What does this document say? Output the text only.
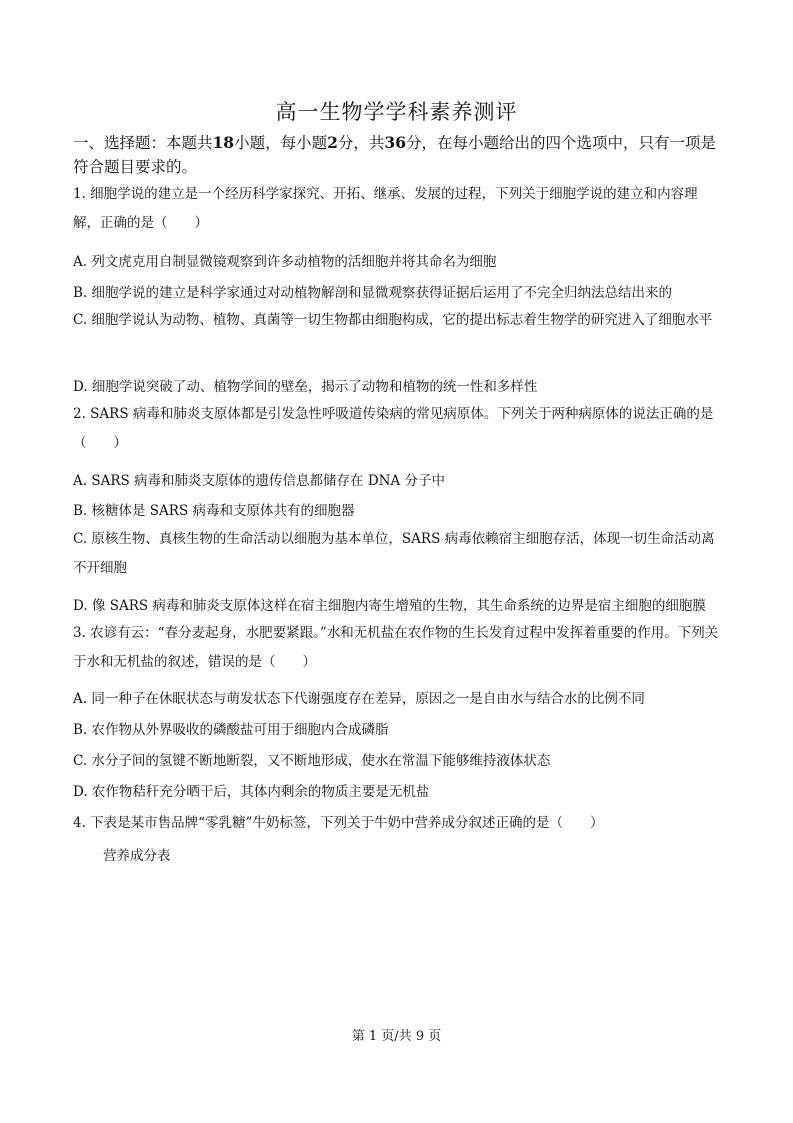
高一生物学学科素养测评
一、选择题：本题共18小题，每小题2分，共36分，在每小题给出的四个选项中，只有一项是符合题目要求的。
1. 细胞学说的建立是一个经历科学家探究、开拓、继承、发展的过程，下列关于细胞学说的建立和内容理解，正确的是（　　）
A. 列文虎克用自制显微镜观察到许多动植物的活细胞并将其命名为细胞
B. 细胞学说的建立是科学家通过对动植物解剖和显微观察获得证据后运用了不完全归纳法总结出来的
C. 细胞学说认为动物、植物、真菌等一切生物都由细胞构成，它的提出标志着生物学的研究进入了细胞水平
D. 细胞学说突破了动、植物学间的壁垒，揭示了动物和植物的统一性和多样性
2. SARS 病毒和肺炎支原体都是引发急性呼吸道传染病的常见病原体。下列关于两种病原体的说法正确的是（　　）
A. SARS 病毒和肺炎支原体的遗传信息都储存在 DNA 分子中
B. 核糖体是 SARS 病毒和支原体共有的细胞器
C. 原核生物、真核生物的生命活动以细胞为基本单位，SARS 病毒依赖宿主细胞存活，体现一切生命活动离不开细胞
D. 像 SARS 病毒和肺炎支原体这样在宿主细胞内寄生增殖的生物，其生命系统的边界是宿主细胞的细胞膜
3. 农谚有云：“春分麦起身，水肥要紧跟。”水和无机盐在农作物的生长发育过程中发挥着重要的作用。下列关于水和无机盐的叙述，错误的是（　　）
A. 同一种子在休眠状态与萌发状态下代谢强度存在差异，原因之一是自由水与结合水的比例不同
B. 农作物从外界吸收的磷酸盐可用于细胞内合成磷脂
C. 水分子间的氢键不断地断裂，又不断地形成，使水在常温下能够维持液体状态
D. 农作物秸秆充分晒干后，其体内剩余的物质主要是无机盐
4. 下表是某市售品牌“零乳糖”牛奶标签，下列关于牛奶中营养成分叙述正确的是（　　）
营养成分表
第 1 页/共 9 页
